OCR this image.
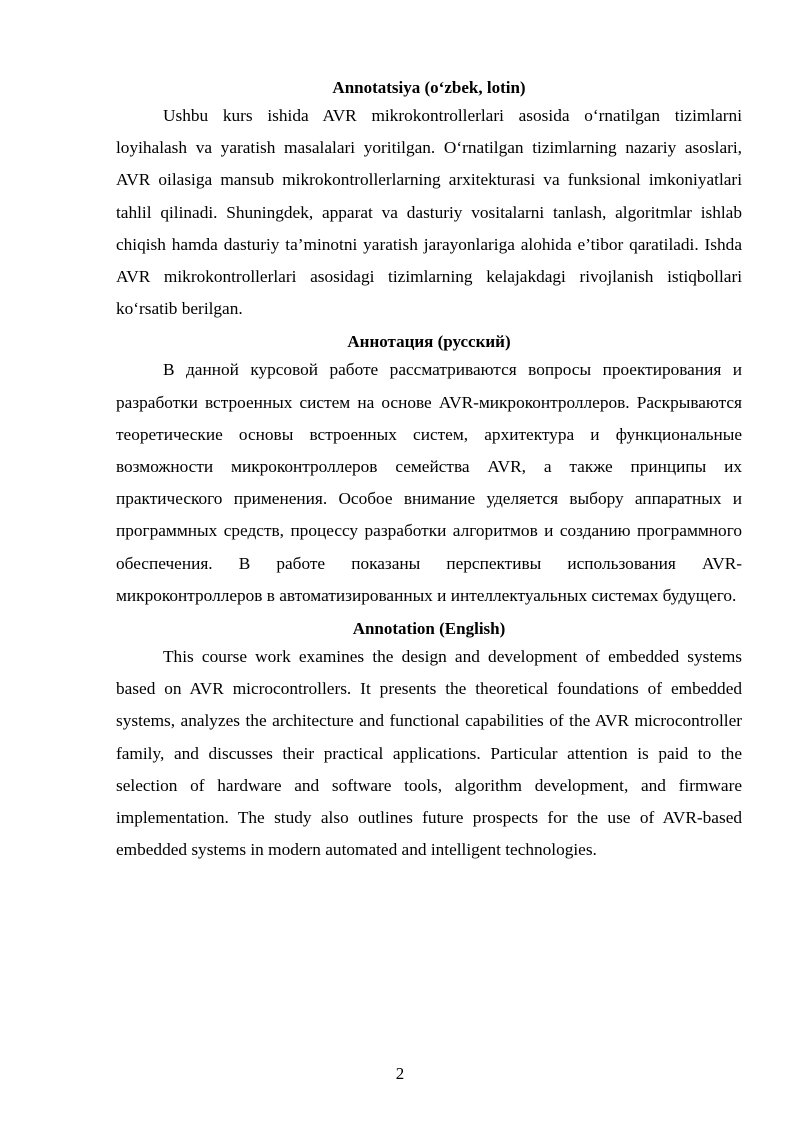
Annotatsiya (o‘zbek, lotin)

Ushbu kurs ishida AVR mikrokontrollerlari asosida o‘rnatilgan tizimlarni loyihalash va yaratish masalalari yoritilgan. O‘rnatilgan tizimlarning nazariy asoslari, AVR oilasiga mansub mikrokontrollerlarning arxitekturasi va funksional imkoniyatlari tahlil qilinadi. Shuningdek, apparat va dasturiy vositalarni tanlash, algoritmlar ishlab chiqish hamda dasturiy ta’minotni yaratish jarayonlariga alohida e’tibor qaratiladi. Ishda AVR mikrokontrollerlari asosidagi tizimlarning kelajakdagi rivojlanish istiqbollari ko‘rsatib berilgan.

Аннотация (русский)

В данной курсовой работе рассматриваются вопросы проектирования и разработки встроенных систем на основе AVR-микроконтроллеров. Раскрываются теоретические основы встроенных систем, архитектура и функциональные возможности микроконтроллеров семейства AVR, а также принципы их практического применения. Особое внимание уделяется выбору аппаратных и программных средств, процессу разработки алгоритмов и созданию программного обеспечения. В работе показаны перспективы использования AVR-микроконтроллеров в автоматизированных и интеллектуальных системах будущего.

Annotation (English)

This course work examines the design and development of embedded systems based on AVR microcontrollers. It presents the theoretical foundations of embedded systems, analyzes the architecture and functional capabilities of the AVR microcontroller family, and discusses their practical applications. Particular attention is paid to the selection of hardware and software tools, algorithm development, and firmware implementation. The study also outlines future prospects for the use of AVR-based embedded systems in modern automated and intelligent technologies.

2
